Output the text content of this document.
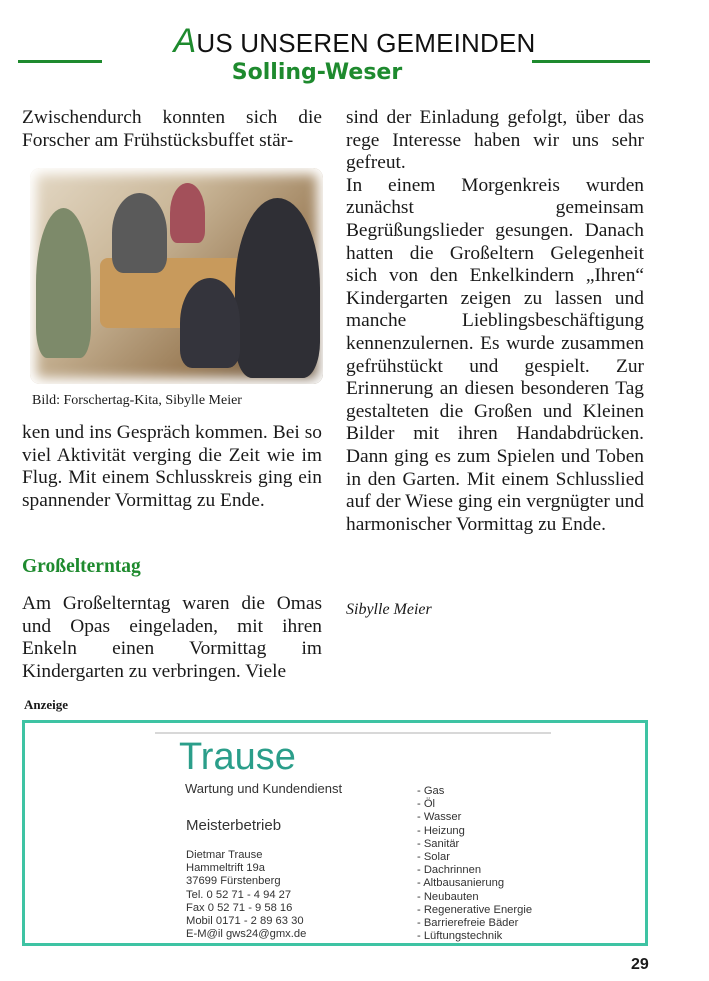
AUS UNSEREN GEMEINDEN
Solling-Weser

Zwischendurch konnten sich die Forscher am Frühstücksbuffet stär-

Bild: Forschertag-Kita, Sibylle Meier

ken und ins Gespräch kommen. Bei so viel Aktivität verging die Zeit wie im Flug. Mit einem Schlusskreis ging ein spannender Vormittag zu Ende.

Großelterntag

Am Großelterntag waren die Omas und Opas eingeladen, mit ihren Enkeln einen Vormittag im Kindergarten zu verbringen. Viele

sind der Einladung gefolgt, über das rege Interesse haben wir uns sehr gefreut.

In einem Morgenkreis wurden zunächst gemeinsam Begrüßungslieder gesungen. Danach hatten die Großeltern Gelegenheit sich von den Enkelkindern „Ihren“ Kindergarten zeigen zu lassen und manche Lieblingsbeschäftigung kennenzulernen. Es wurde zusammen gefrühstückt und gespielt. Zur Erinnerung an diesen besonderen Tag gestalteten die Großen und Kleinen Bilder mit ihren Handabdrücken. Dann ging es zum Spielen und Toben in den Garten. Mit einem Schlusslied auf der Wiese ging ein vergnügter und harmonischer Vormittag zu Ende.

Sibylle Meier
Anzeige
Trause
Wartung und Kundendienst
Meisterbetrieb
Dietmar Trause
Hammeltrift 19a
37699 Fürstenberg
Tel. 0 52 71 - 4 94 27
Fax 0 52 71 - 9 58 16
Mobil 0171 - 2 89 63 30
E-M@il gws24@gmx.de
- Gas
- Öl
- Wasser
- Heizung
- Sanitär
- Solar
- Dachrinnen
- Altbausanierung
- Neubauten
- Regenerative Energie
- Barrierefreie Bäder
- Lüftungstechnik
29
